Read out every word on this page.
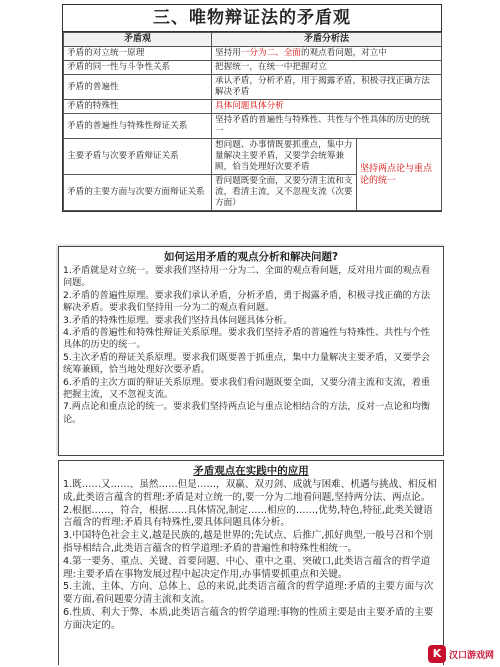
三、唯物辩证法的矛盾观
矛盾观	矛盾分析法	
矛盾的对立统一原理	坚持用一分为二、全面的观点看问题，对立中	
矛盾的同一性与斗争性关系	把握统一，在统一中把握对立	
矛盾的普遍性	承认矛盾，分析矛盾，用于揭露矛盾，积极寻找正确方法解决矛盾	
矛盾的特殊性	具体问题具体分析	
矛盾的普遍性与特殊性辩证关系	坚持矛盾的普遍性与特殊性、共性与个性具体的历史的统一	
主要矛盾与次要矛盾辩证关系	想问题、办事情既要抓重点，集中力量解决主要矛盾，又要学会统筹兼顾，恰当处理好次要矛盾	坚持两点论与重点论的统一
矛盾的主要方面与次要方面辩证关系	看问题既要全面，又要分清主流和支流，看清主流，又不忽视支流（次要方面）	
如何运用矛盾的观点分析和解决问题?

1.矛盾就是对立统一。要求我们坚持用一分为二、全面的观点看问题，反对用片面的观点看问题。

2.矛盾的普遍性原理。要求我们承认矛盾，分析矛盾，勇于揭露矛盾，积极寻找正确的方法解决矛盾。要求我们坚持用一分为二的观点看问题。

3.矛盾的特殊性原理。要求我们坚持具体问题具体分析。

4.矛盾的普遍性和特殊性辩证关系原理。要求我们坚持矛盾的普遍性与特殊性、共性与个性具体的历史的统一。

5.主次矛盾的辩证关系原理。要求我们既要善于抓重点，集中力量解决主要矛盾，又要学会统筹兼顾，恰当地处理好次要矛盾。

6.矛盾的主次方面的辩证关系原理。要求我们看问题既要全面，又要分清主流和支流，着重把握主流，又不忽视支流。

7.两点论和重点论的统一。要求我们坚持两点论与重点论相结合的方法，反对一点论和均衡论。

矛盾观点在实践中的应用

1.既……又……、虽然……但是……，双赢、双刃剑、成就与困难、机遇与挑战、相反相成,此类语言蕴含的哲理:矛盾是对立统一的,要一分为二地看问题,坚持两分法、两点论。

2.根据……，符合，根据……具体情况,制定……相应的……,优势,特色,特征,此类关键语言蕴含的哲理:矛盾具有特殊性,要具体问题具体分析。

3.中国特色社会主义,越是民族的,越是世界的;先试点、后推广,抓好典型,一般号召和个别指导相结合,此类语言蕴含的哲学道理:矛盾的普遍性和特殊性相统一。

4.第一要务、重点、关键、首要问题、中心、重中之重、突破口,此类语言蕴含的哲学道理:主要矛盾在事物发展过程中起决定作用,办事情要抓重点和关键。

5.主流、主体、方向、总体上、总的来说,此类语言蕴含的哲学道理:矛盾的主要方面与次要方面,看问题要分清主流和支流。

6.性质、利大于弊、本质,此类语言蕴含的哲学道理:事物的性质主要是由主要矛盾的主要方面决定的。

K 汉口游戏网
